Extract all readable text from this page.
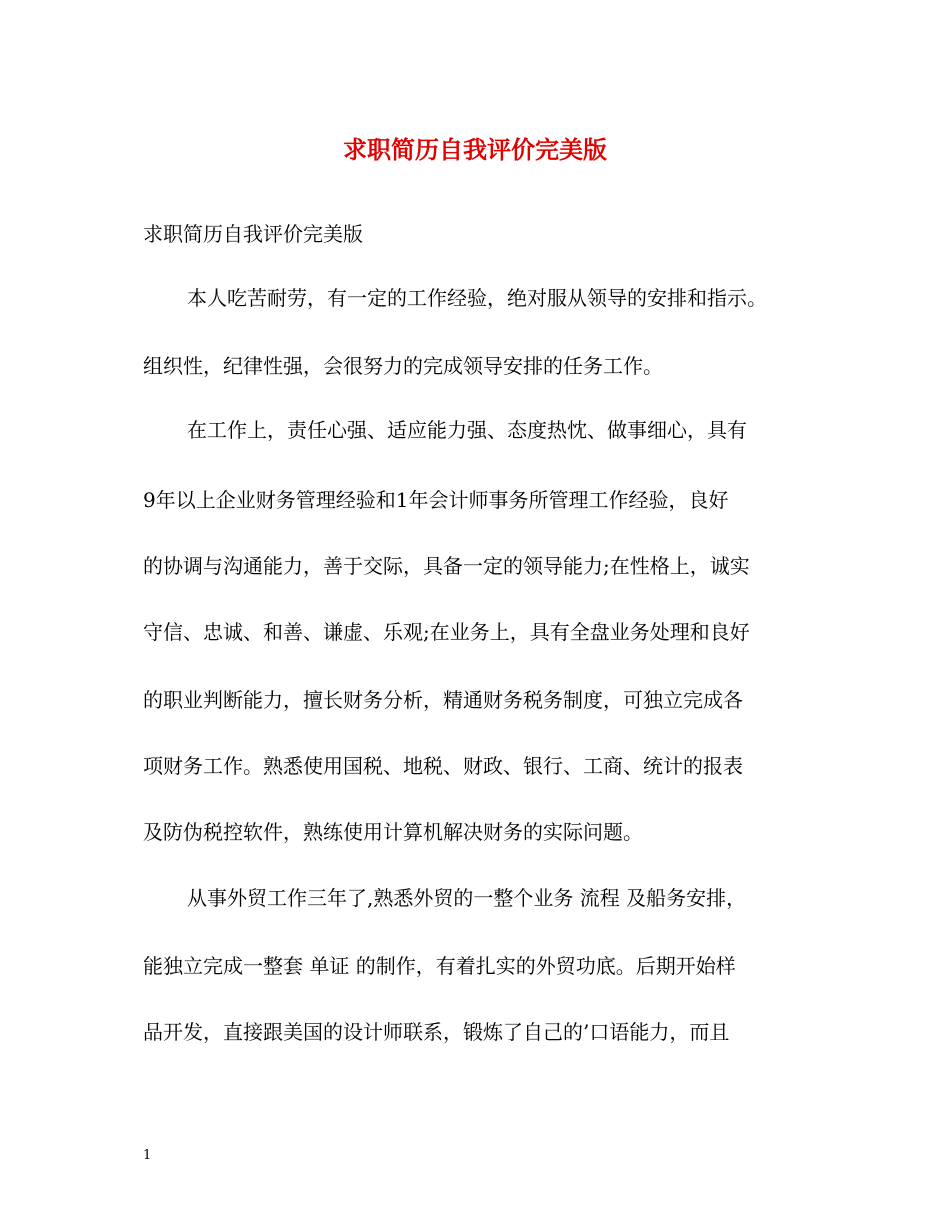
求职简历自我评价完美版
求职简历自我评价完美版
本人吃苦耐劳，有一定的工作经验，绝对服从领导的安排和指示。
组织性，纪律性强，会很努力的完成领导安排的任务工作。
在工作上，责任心强、适应能力强、态度热忱、做事细心，具有
9年以上企业财务管理经验和1年会计师事务所管理工作经验，良好
的协调与沟通能力，善于交际，具备一定的领导能力;在性格上，诚实
守信、忠诚、和善、谦虚、乐观;在业务上，具有全盘业务处理和良好
的职业判断能力，擅长财务分析，精通财务税务制度，可独立完成各
项财务工作。熟悉使用国税、地税、财政、银行、工商、统计的报表
及防伪税控软件，熟练使用计算机解决财务的实际问题。
从事外贸工作三年了,熟悉外贸的一整个业务 流程 及船务安排，
能独立完成一整套 单证 的制作，有着扎实的外贸功底。后期开始样
品开发，直接跟美国的设计师联系，锻炼了自己的’口语能力，而且
1
